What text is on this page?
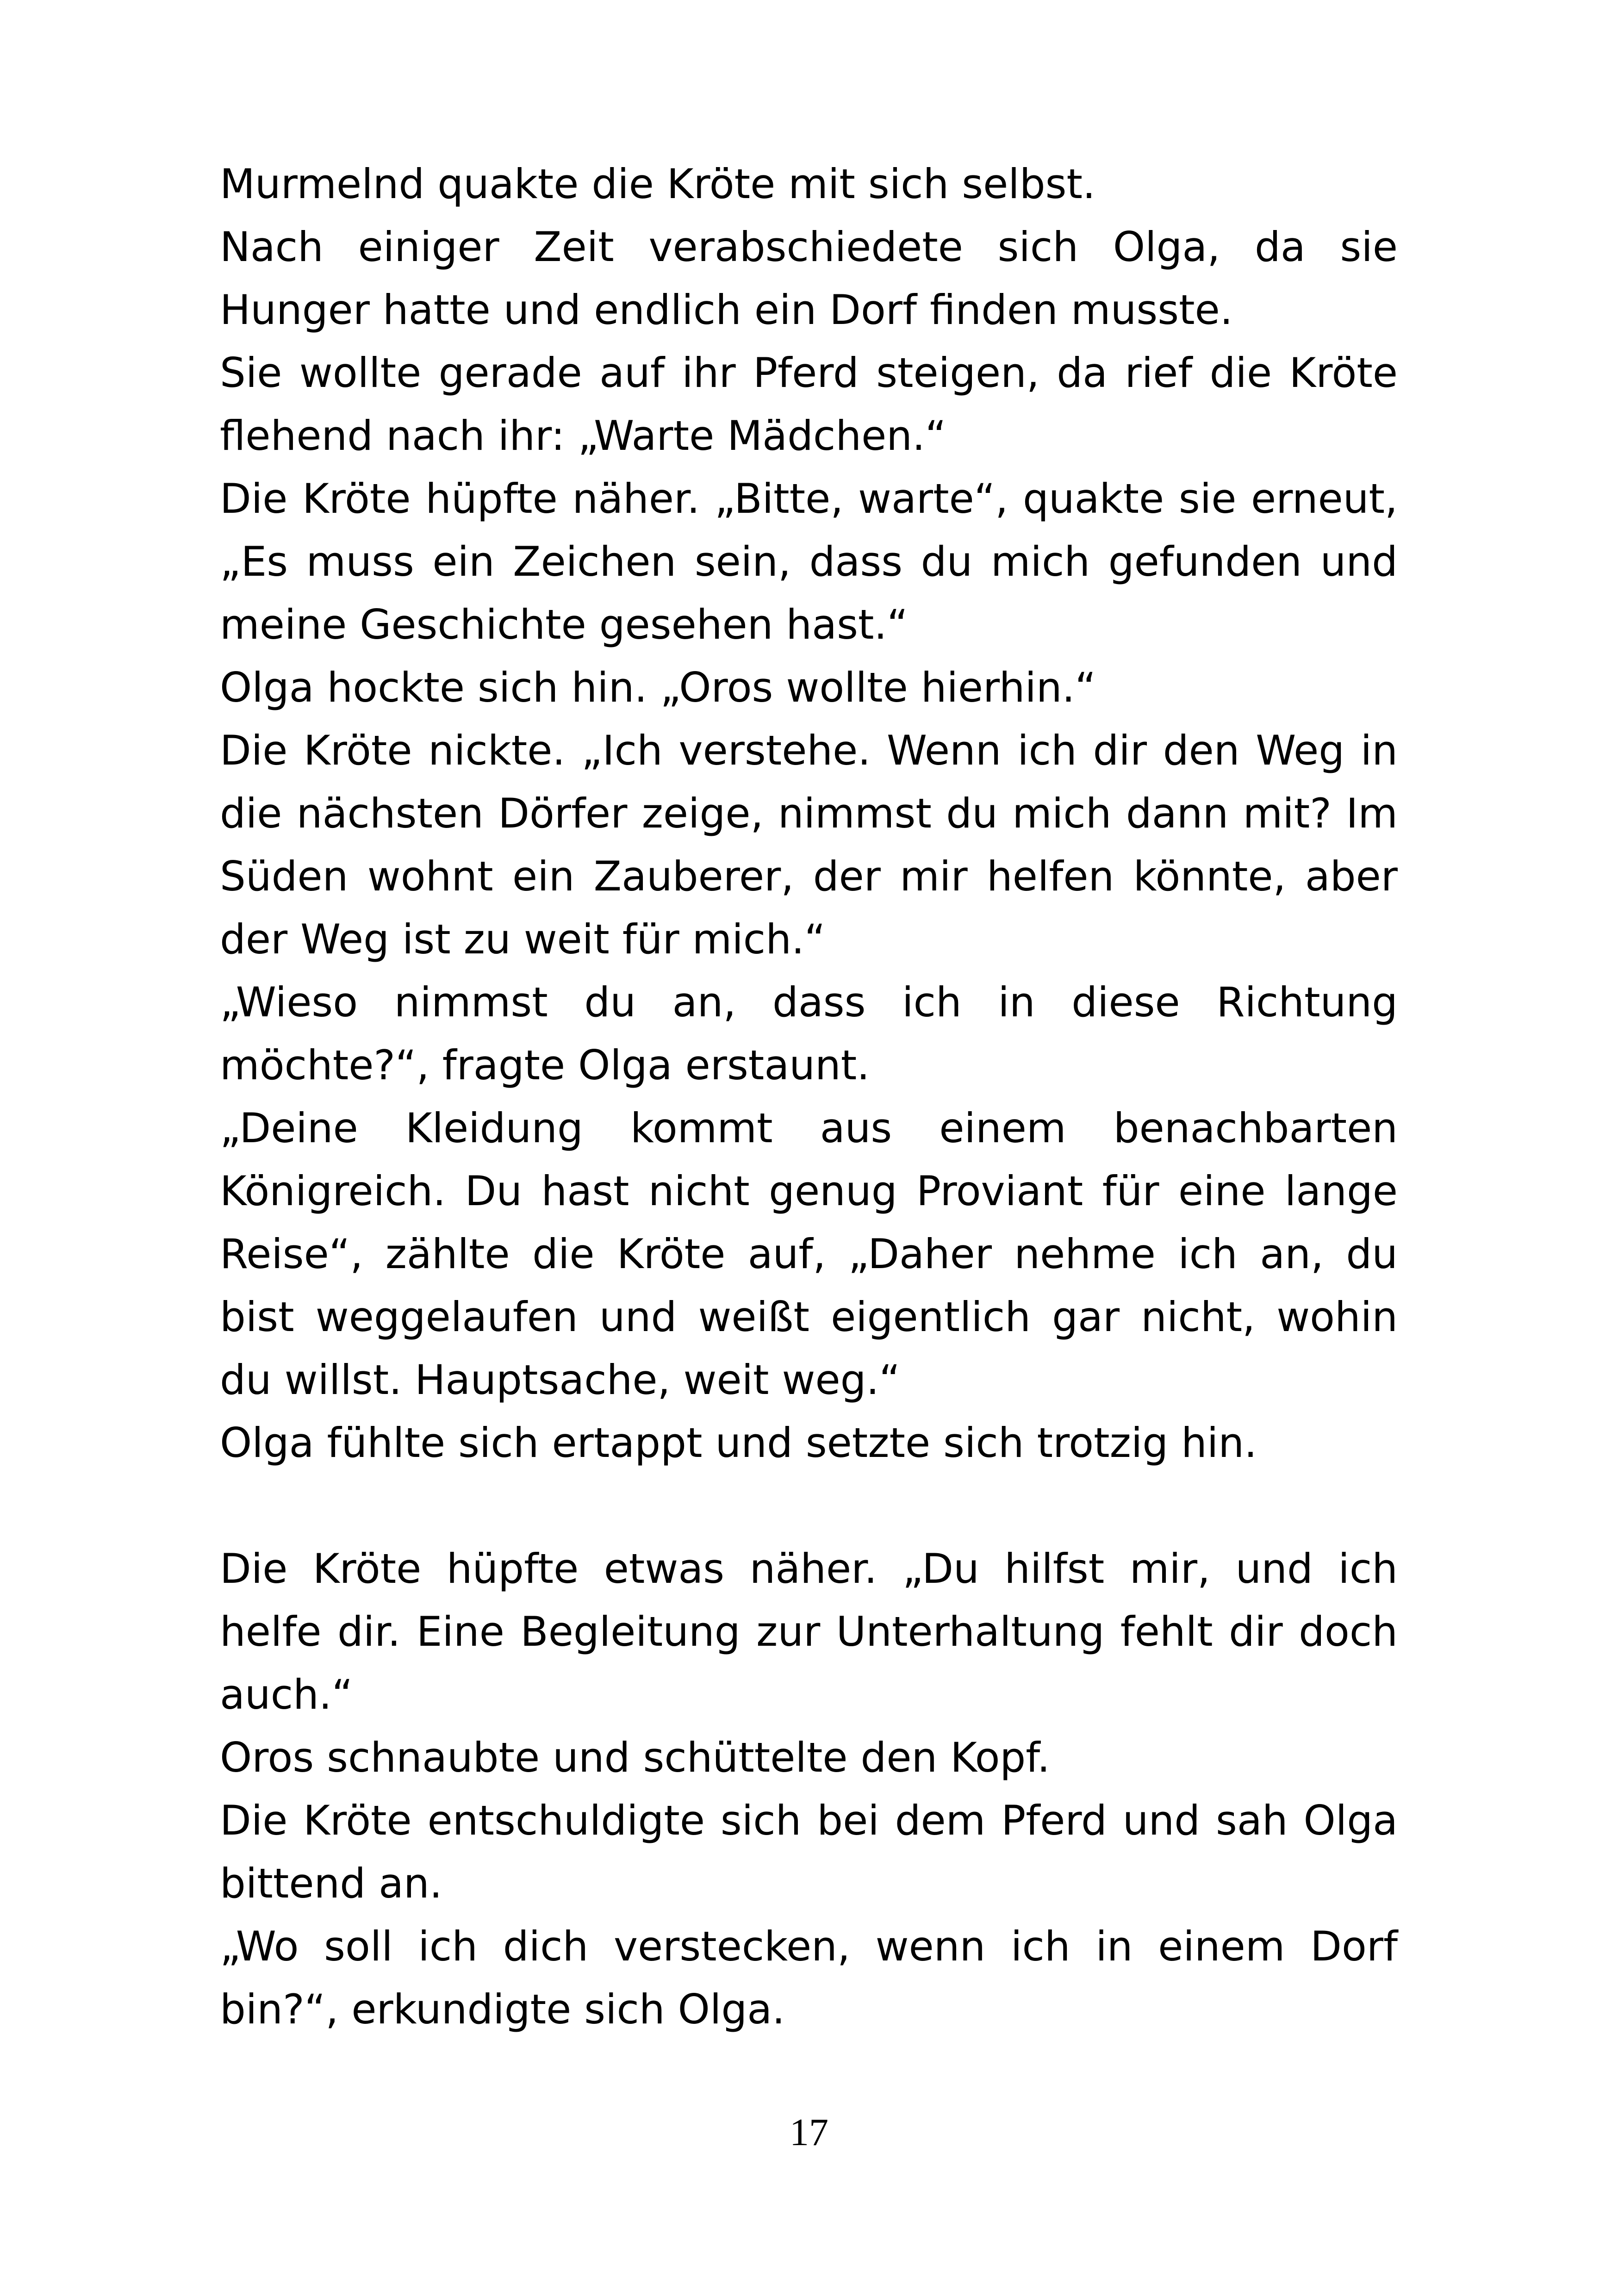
Murmelnd quakte die Kröte mit sich selbst.

Nach einiger Zeit verabschiedete sich Olga, da sie Hunger hatte und endlich ein Dorf finden musste.

Sie wollte gerade auf ihr Pferd steigen, da rief die Kröte flehend nach ihr: „Warte Mädchen.“

Die Kröte hüpfte näher. „Bitte, warte“, quakte sie erneut, „Es muss ein Zeichen sein, dass du mich gefunden und meine Geschichte gesehen hast.“

Olga hockte sich hin. „Oros wollte hierhin.“

Die Kröte nickte. „Ich verstehe. Wenn ich dir den Weg in die nächsten Dörfer zeige, nimmst du mich dann mit? Im Süden wohnt ein Zauberer, der mir helfen könnte, aber der Weg ist zu weit für mich.“

„Wieso nimmst du an, dass ich in diese Richtung möchte?“, fragte Olga erstaunt.

„Deine Kleidung kommt aus einem benachbarten Königreich. Du hast nicht genug Proviant für eine lange Reise“, zählte die Kröte auf, „Daher nehme ich an, du bist weggelaufen und weißt eigentlich gar nicht, wohin du willst. Hauptsache, weit weg.“

Olga fühlte sich ertappt und setzte sich trotzig hin.

Die Kröte hüpfte etwas näher. „Du hilfst mir, und ich helfe dir. Eine Begleitung zur Unterhaltung fehlt dir doch auch.“

Oros schnaubte und schüttelte den Kopf.

Die Kröte entschuldigte sich bei dem Pferd und sah Olga bittend an.

„Wo soll ich dich verstecken, wenn ich in einem Dorf bin?“, erkundigte sich Olga.

17
